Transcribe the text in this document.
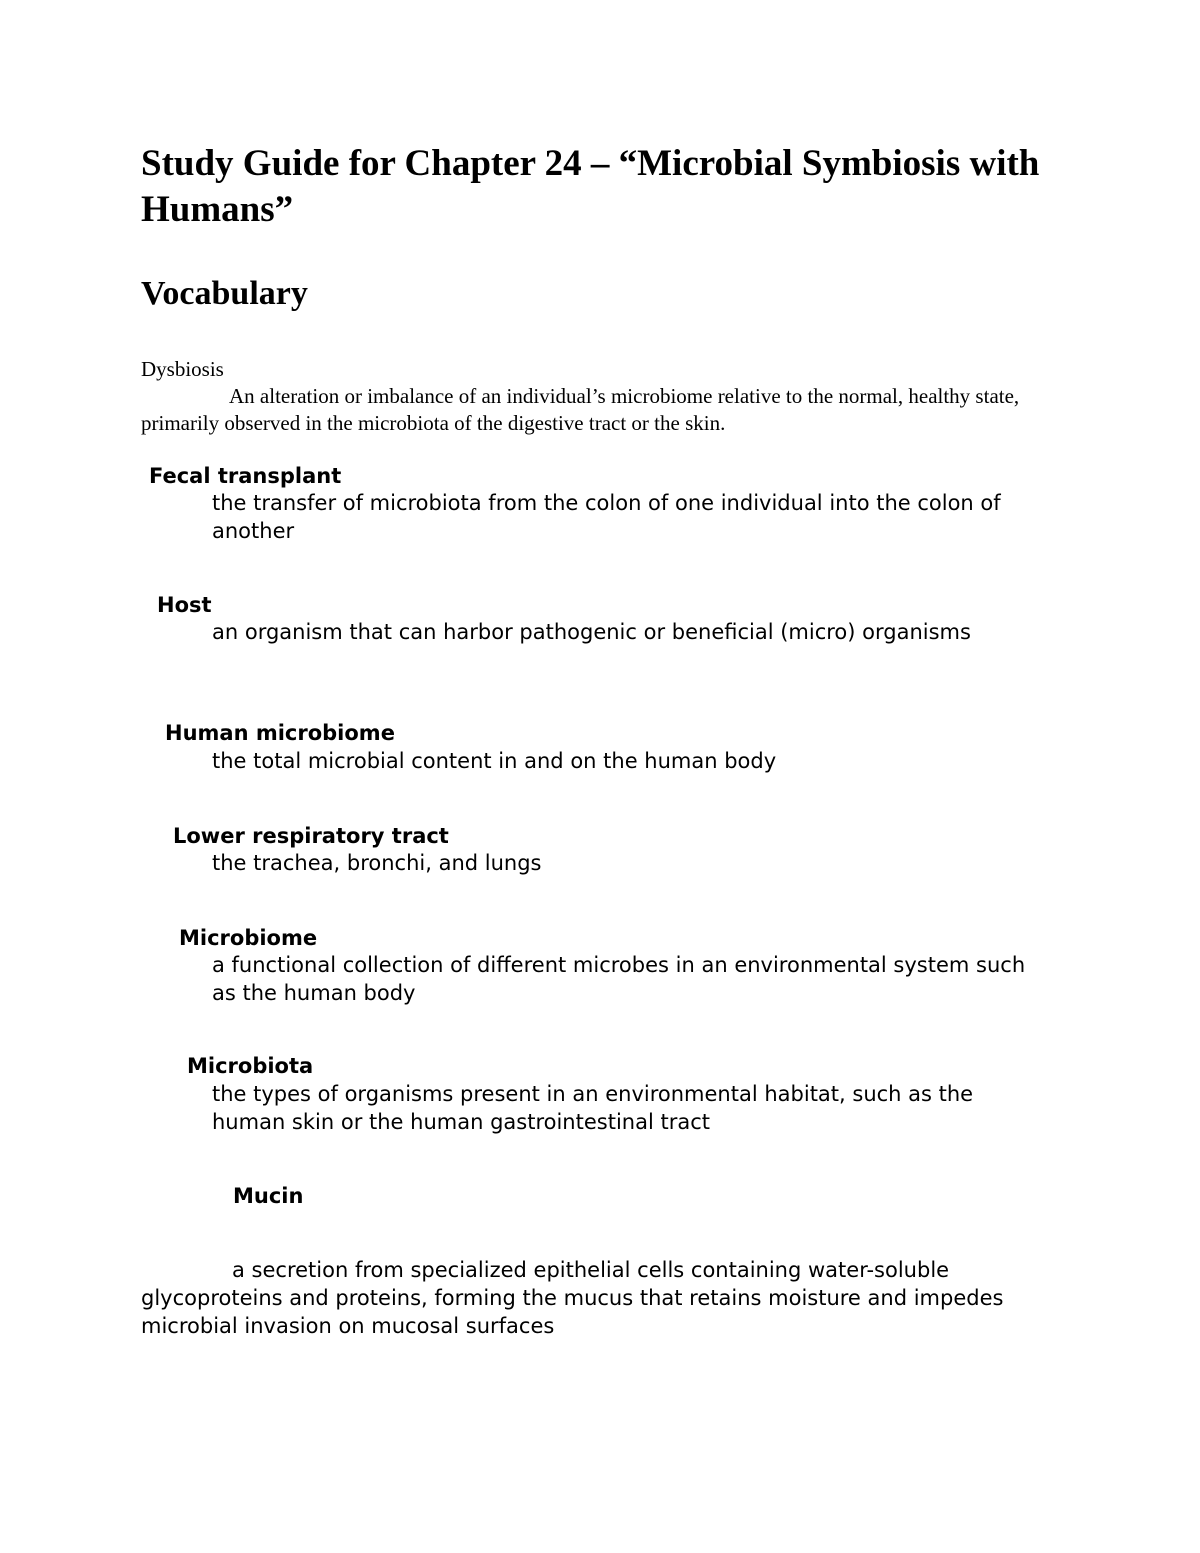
Study Guide for Chapter 24 – “Microbial Symbiosis with Humans”
Vocabulary
Dysbiosis

An alteration or imbalance of an individual’s microbiome relative to the normal, healthy state, primarily observed in the microbiota of the digestive tract or the skin.

Fecal transplant

the transfer of microbiota from the colon of one individual into the colon of another

Host

an organism that can harbor pathogenic or beneficial (micro) organisms

Human microbiome

the total microbial content in and on the human body

Lower respiratory tract

the trachea, bronchi, and lungs

Microbiome

a functional collection of different microbes in an environmental system such as the human body

Microbiota

the types of organisms present in an environmental habitat, such as the human skin or the human gastrointestinal tract

Mucin

a secretion from specialized epithelial cells containing water-soluble glycoproteins and proteins, forming the mucus that retains moisture and impedes microbial invasion on mucosal surfaces
